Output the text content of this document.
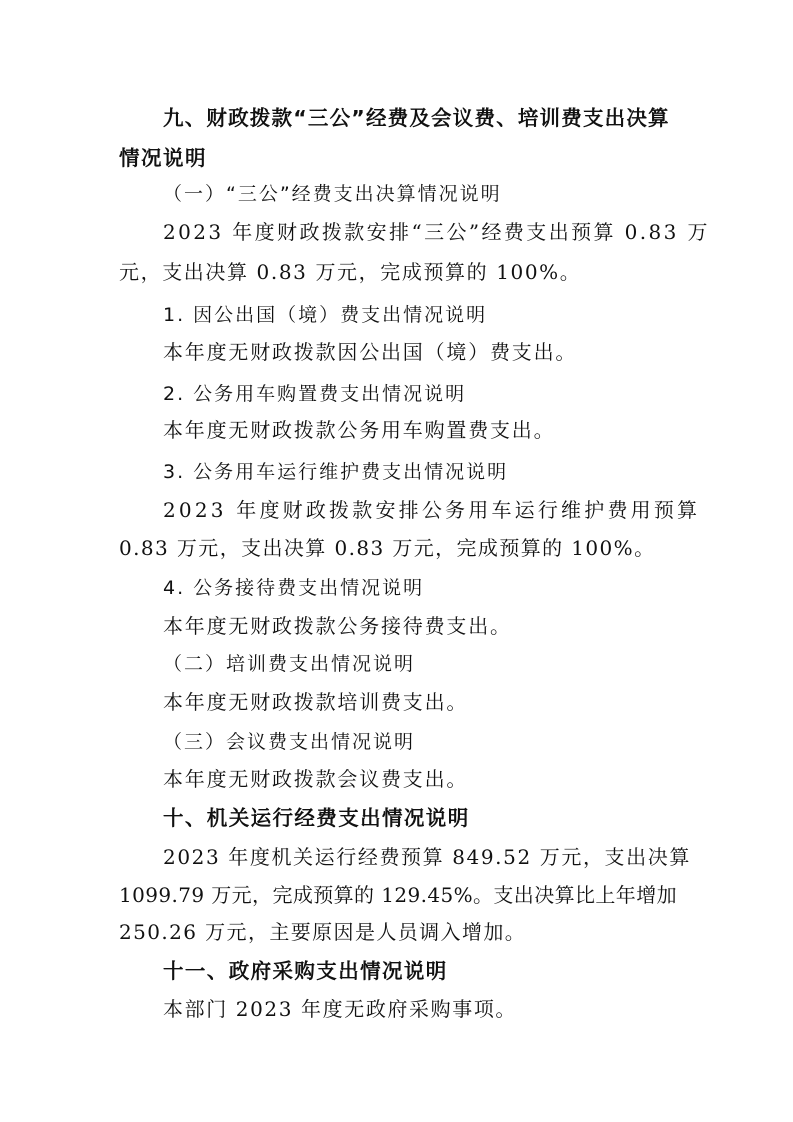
九、财政拨款“三公”经费及会议费、培训费支出决算
情况说明
（一）“三公”经费支出决算情况说明
2023 年度财政拨款安排“三公”经费支出预算 0.83 万
元，支出决算 0.83 万元，完成预算的 100%。
1. 因公出国（境）费支出情况说明
本年度无财政拨款因公出国（境）费支出。
2. 公务用车购置费支出情况说明
本年度无财政拨款公务用车购置费支出。
3. 公务用车运行维护费支出情况说明
2023 年度财政拨款安排公务用车运行维护费用预算
0.83 万元，支出决算 0.83 万元，完成预算的 100%。
4. 公务接待费支出情况说明
本年度无财政拨款公务接待费支出。
（二）培训费支出情况说明
本年度无财政拨款培训费支出。
（三）会议费支出情况说明
本年度无财政拨款会议费支出。
十、机关运行经费支出情况说明
2023 年度机关运行经费预算 849.52 万元，支出决算
1099.79 万元，完成预算的 129.45%。支出决算比上年增加
250.26 万元，主要原因是人员调入增加。
十一、政府采购支出情况说明
本部门 2023 年度无政府采购事项。
